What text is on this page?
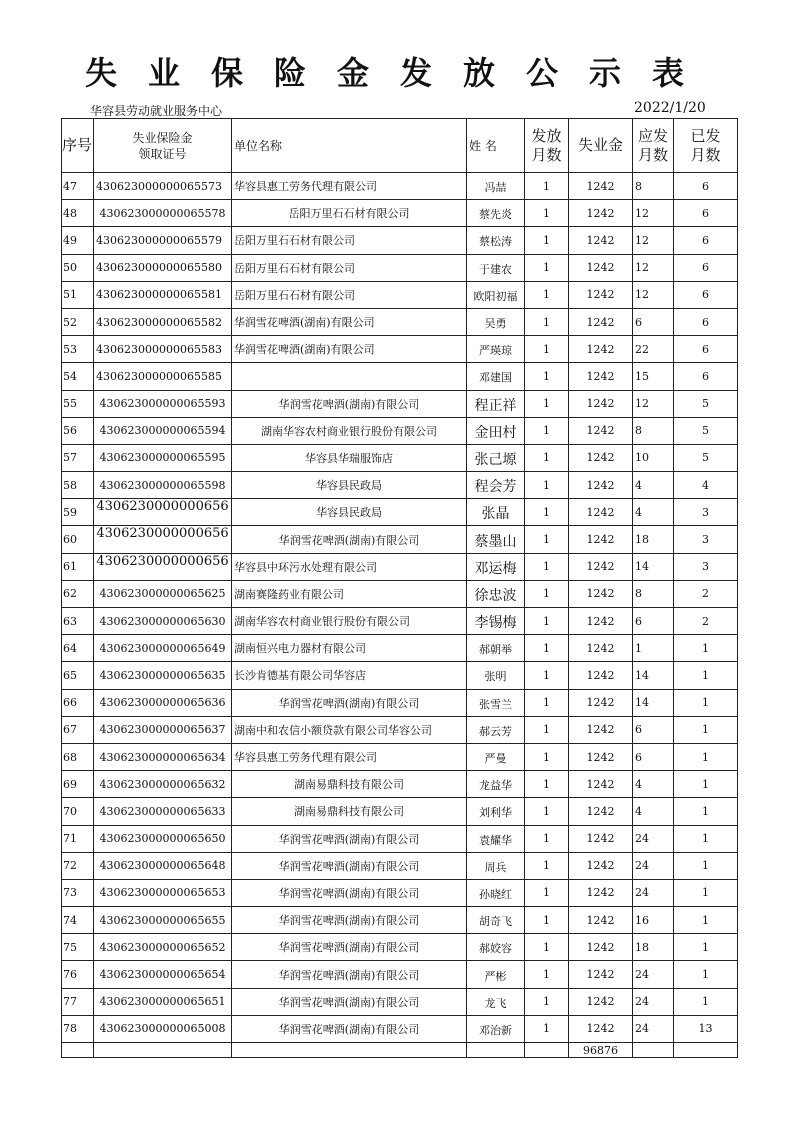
失业保险金发放公示表
华容县劳动就业服务中心	2022/1/20
序号	失业保险金领取证号	单位名称	姓 名	发放月数	失业金	应发月数	已发月数

47	430623000000065573	华容县惠工劳务代理有限公司	冯喆	1	1242	8	6
48	430623000000065578	岳阳万里石石材有限公司	蔡先炎	1	1242	12	6
49	430623000000065579	岳阳万里石石材有限公司	蔡松涛	1	1242	12	6
50	430623000000065580	岳阳万里石石材有限公司	于建农	1	1242	12	6
51	430623000000065581	岳阳万里石石材有限公司	欧阳初福	1	1242	12	6
52	430623000000065582	华润雪花啤酒(湖南)有限公司	吴勇	1	1242	6	6
53	430623000000065583	华润雪花啤酒(湖南)有限公司	严瑛琼	1	1242	22	6
54	430623000000065585		邓建国	1	1242	15	6
55	430623000000065593	华润雪花啤酒(湖南)有限公司	程正祥	1	1242	12	5
56	430623000000065594	湖南华容农村商业银行股份有限公司	金田村	1	1242	8	5
57	430623000000065595	华容县华瑞服饰店	张己塬	1	1242	10	5
58	430623000000065598	华容县民政局	程会芳	1	1242	4	4
59	4306230000000656	华容县民政局	张晶	1	1242	4	3
60	4306230000000656	华润雪花啤酒(湖南)有限公司	蔡墨山	1	1242	18	3
61	4306230000000656	华容县中环污水处理有限公司	邓运梅	1	1242	14	3
62	430623000000065625	湖南赛隆药业有限公司	徐忠波	1	1242	8	2
63	430623000000065630	湖南华容农村商业银行股份有限公司	李锡梅	1	1242	6	2
64	430623000000065649	湖南恒兴电力器材有限公司	郝朝举	1	1242	1	1
65	430623000000065635	长沙肯德基有限公司华容店	张明	1	1242	14	1
66	430623000000065636	华润雪花啤酒(湖南)有限公司	张雪兰	1	1242	14	1
67	430623000000065637	湖南中和农信小额贷款有限公司华容公司	郝云芳	1	1242	6	1
68	430623000000065634	华容县惠工劳务代理有限公司	严曼	1	1242	6	1
69	430623000000065632	湖南易鼎科技有限公司	龙益华	1	1242	4	1
70	430623000000065633	湖南易鼎科技有限公司	刘利华	1	1242	4	1
71	430623000000065650	华润雪花啤酒(湖南)有限公司	袁耀华	1	1242	24	1
72	430623000000065648	华润雪花啤酒(湖南)有限公司	周兵	1	1242	24	1
73	430623000000065653	华润雪花啤酒(湖南)有限公司	孙晓红	1	1242	24	1
74	430623000000065655	华润雪花啤酒(湖南)有限公司	胡奇飞	1	1242	16	1
75	430623000000065652	华润雪花啤酒(湖南)有限公司	郝姣容	1	1242	18	1
76	430623000000065654	华润雪花啤酒(湖南)有限公司	严彬	1	1242	24	1
77	430623000000065651	华润雪花啤酒(湖南)有限公司	龙飞	1	1242	24	1
78	430623000000065008	华润雪花啤酒(湖南)有限公司	邓治新	1	1242	24	13
					96876		
